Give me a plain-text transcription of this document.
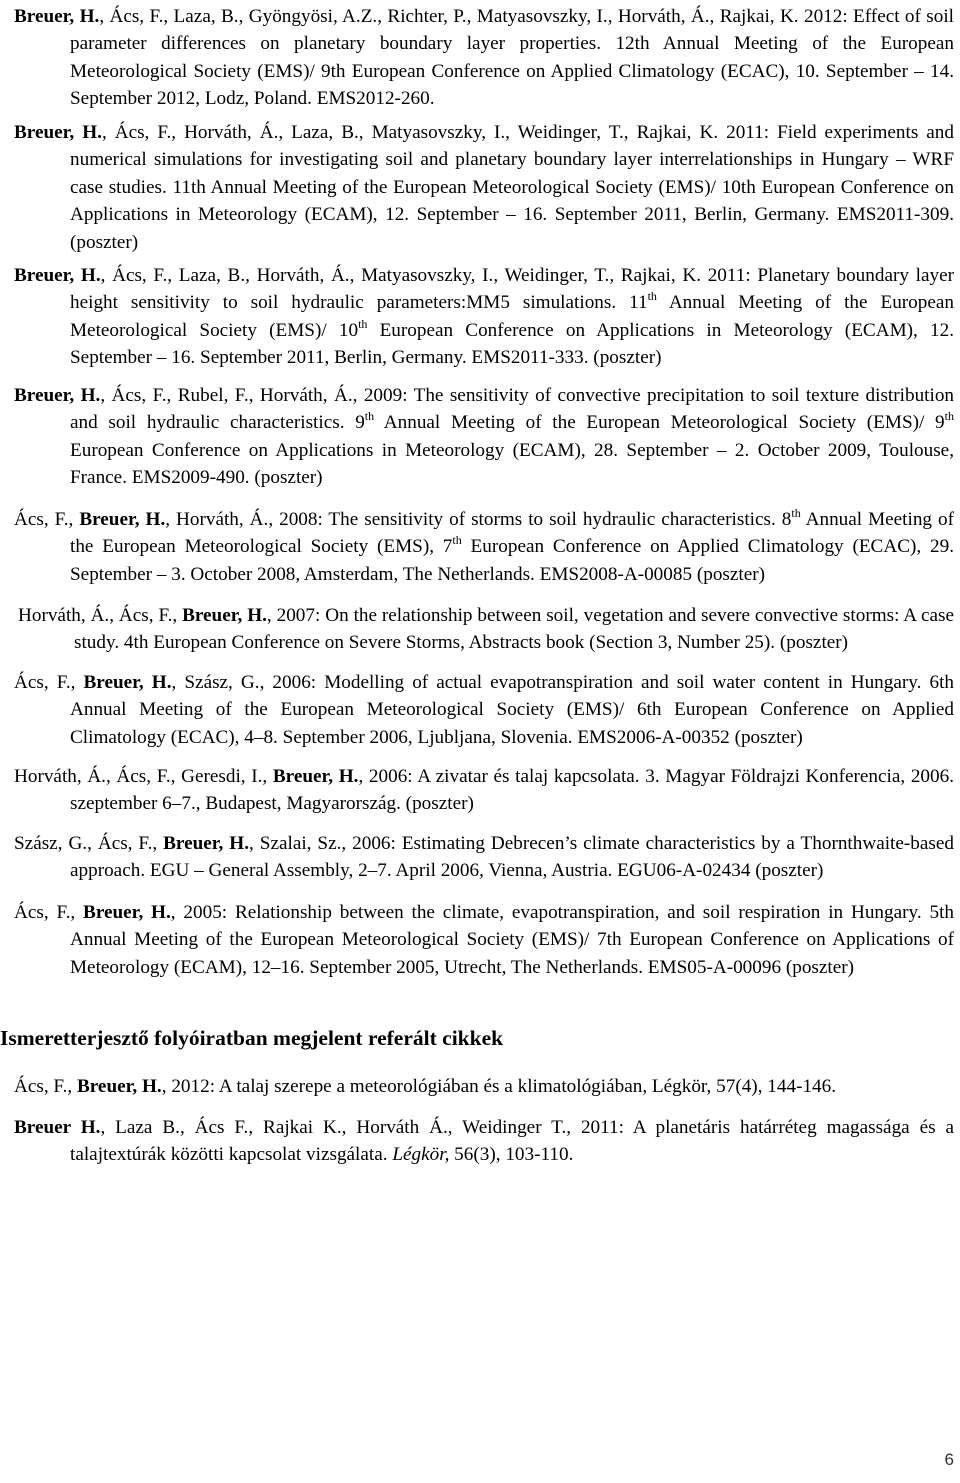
Breuer, H., Ács, F., Laza, B., Gyöngyösi, A.Z., Richter, P., Matyasovszky, I., Horváth, Á., Rajkai, K. 2012: Effect of soil parameter differences on planetary boundary layer properties. 12th Annual Meeting of the European Meteorological Society (EMS)/ 9th European Conference on Applied Climatology (ECAC), 10. September – 14. September 2012, Lodz, Poland. EMS2012-260.

Breuer, H., Ács, F., Horváth, Á., Laza, B., Matyasovszky, I., Weidinger, T., Rajkai, K. 2011: Field experiments and numerical simulations for investigating soil and planetary boundary layer interrelationships in Hungary – WRF case studies. 11th Annual Meeting of the European Meteorological Society (EMS)/ 10th European Conference on Applications in Meteorology (ECAM), 12. September – 16. September 2011, Berlin, Germany. EMS2011-309. (poszter)

Breuer, H., Ács, F., Laza, B., Horváth, Á., Matyasovszky, I., Weidinger, T., Rajkai, K. 2011: Planetary boundary layer height sensitivity to soil hydraulic parameters:MM5 simulations. 11th Annual Meeting of the European Meteorological Society (EMS)/ 10th European Conference on Applications in Meteorology (ECAM), 12. September – 16. September 2011, Berlin, Germany. EMS2011-333. (poszter)

Breuer, H., Ács, F., Rubel, F., Horváth, Á., 2009: The sensitivity of convective precipitation to soil texture distribution and soil hydraulic characteristics. 9th Annual Meeting of the European Meteorological Society (EMS)/ 9th European Conference on Applications in Meteorology (ECAM), 28. September – 2. October 2009, Toulouse, France. EMS2009-490. (poszter)

Ács, F., Breuer, H., Horváth, Á., 2008: The sensitivity of storms to soil hydraulic characteristics. 8th Annual Meeting of the European Meteorological Society (EMS), 7th European Conference on Applied Climatology (ECAC), 29. September – 3. October 2008, Amsterdam, The Netherlands. EMS2008-A-00085 (poszter)

Horváth, Á., Ács, F., Breuer, H., 2007: On the relationship between soil, vegetation and severe convective storms: A case study. 4th European Conference on Severe Storms, Abstracts book (Section 3, Number 25). (poszter)

Ács, F., Breuer, H., Szász, G., 2006: Modelling of actual evapotranspiration and soil water content in Hungary. 6th Annual Meeting of the European Meteorological Society (EMS)/ 6th European Conference on Applied Climatology (ECAC), 4–8. September 2006, Ljubljana, Slovenia. EMS2006-A-00352 (poszter)

Horváth, Á., Ács, F., Geresdi, I., Breuer, H., 2006: A zivatar és talaj kapcsolata. 3. Magyar Földrajzi Konferencia, 2006. szeptember 6–7., Budapest, Magyarország. (poszter)

Szász, G., Ács, F., Breuer, H., Szalai, Sz., 2006: Estimating Debrecen’s climate characteristics by a Thornthwaite-based approach. EGU – General Assembly, 2–7. April 2006, Vienna, Austria. EGU06-A-02434 (poszter)

Ács, F., Breuer, H., 2005: Relationship between the climate, evapotranspiration, and soil respiration in Hungary. 5th Annual Meeting of the European Meteorological Society (EMS)/ 7th European Conference on Applications of Meteorology (ECAM), 12–16. September 2005, Utrecht, The Netherlands. EMS05-A-00096 (poszter)

Ismeretterjesztő folyóiratban megjelent referált cikkek

Ács, F., Breuer, H., 2012: A talaj szerepe a meteorológiában és a klimatológiában, Légkör, 57(4), 144-146.

Breuer H., Laza B., Ács F., Rajkai K., Horváth Á., Weidinger T., 2011: A planetáris határréteg magassága és a talajtextúrák közötti kapcsolat vizsgálata. Légkör, 56(3), 103-110.

6
